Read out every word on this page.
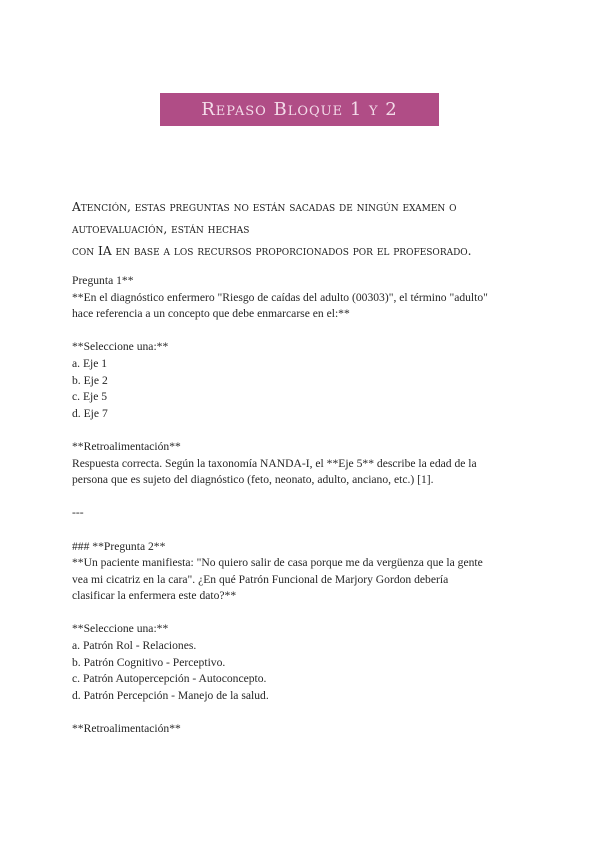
Repaso Bloque 1 y 2
Atención, estas preguntas no están sacadas de ningún examen o autoevaluación, están hechas
con IA en base a los recursos proporcionados por el profesorado.
Pregunta 1**
**En el diagnóstico enfermero "Riesgo de caídas del adulto (00303)", el término "adulto"
hace referencia a un concepto que debe enmarcarse en el:**
**Seleccione una:**
a. Eje 1
b. Eje 2
c. Eje 5
d. Eje 7
**Retroalimentación**
Respuesta correcta. Según la taxonomía NANDA-I, el **Eje 5** describe la edad de la
persona que es sujeto del diagnóstico (feto, neonato, adulto, anciano, etc.) [1].
---
### **Pregunta 2**
**Un paciente manifiesta: "No quiero salir de casa porque me da vergüenza que la gente
vea mi cicatriz en la cara". ¿En qué Patrón Funcional de Marjory Gordon debería
clasificar la enfermera este dato?**
**Seleccione una:**
a. Patrón Rol - Relaciones.
b. Patrón Cognitivo - Perceptivo.
c. Patrón Autopercepción - Autoconcepto.
d. Patrón Percepción - Manejo de la salud.
**Retroalimentación**
